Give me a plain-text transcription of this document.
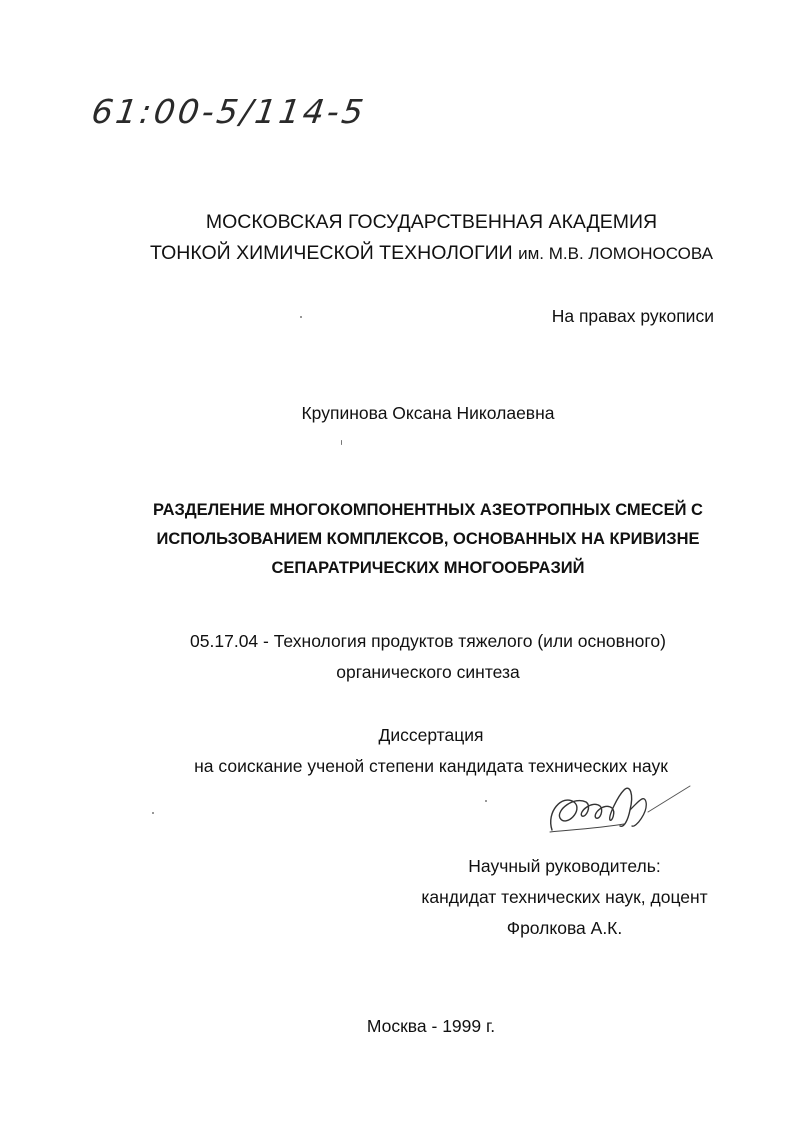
61:00-5/114-5
МОСКОВСКАЯ ГОСУДАРСТВЕННАЯ АКАДЕМИЯ
ТОНКОЙ ХИМИЧЕСКОЙ ТЕХНОЛОГИИ им. М.В. ЛОМОНОСОВА
На правах рукописи
Крупинова Оксана Николаевна
РАЗДЕЛЕНИЕ МНОГОКОМПОНЕНТНЫХ АЗЕОТРОПНЫХ СМЕСЕЙ С
ИСПОЛЬЗОВАНИЕМ КОМПЛЕКСОВ, ОСНОВАННЫХ НА КРИВИЗНЕ
СЕПАРАТРИЧЕСКИХ МНОГООБРАЗИЙ
05.17.04 - Технология продуктов тяжелого (или основного)
органического синтеза
Диссертация
на соискание ученой степени кандидата технических наук
Научный руководитель:
кандидат технических наук, доцент
Фролкова А.К.
Москва - 1999 г.
